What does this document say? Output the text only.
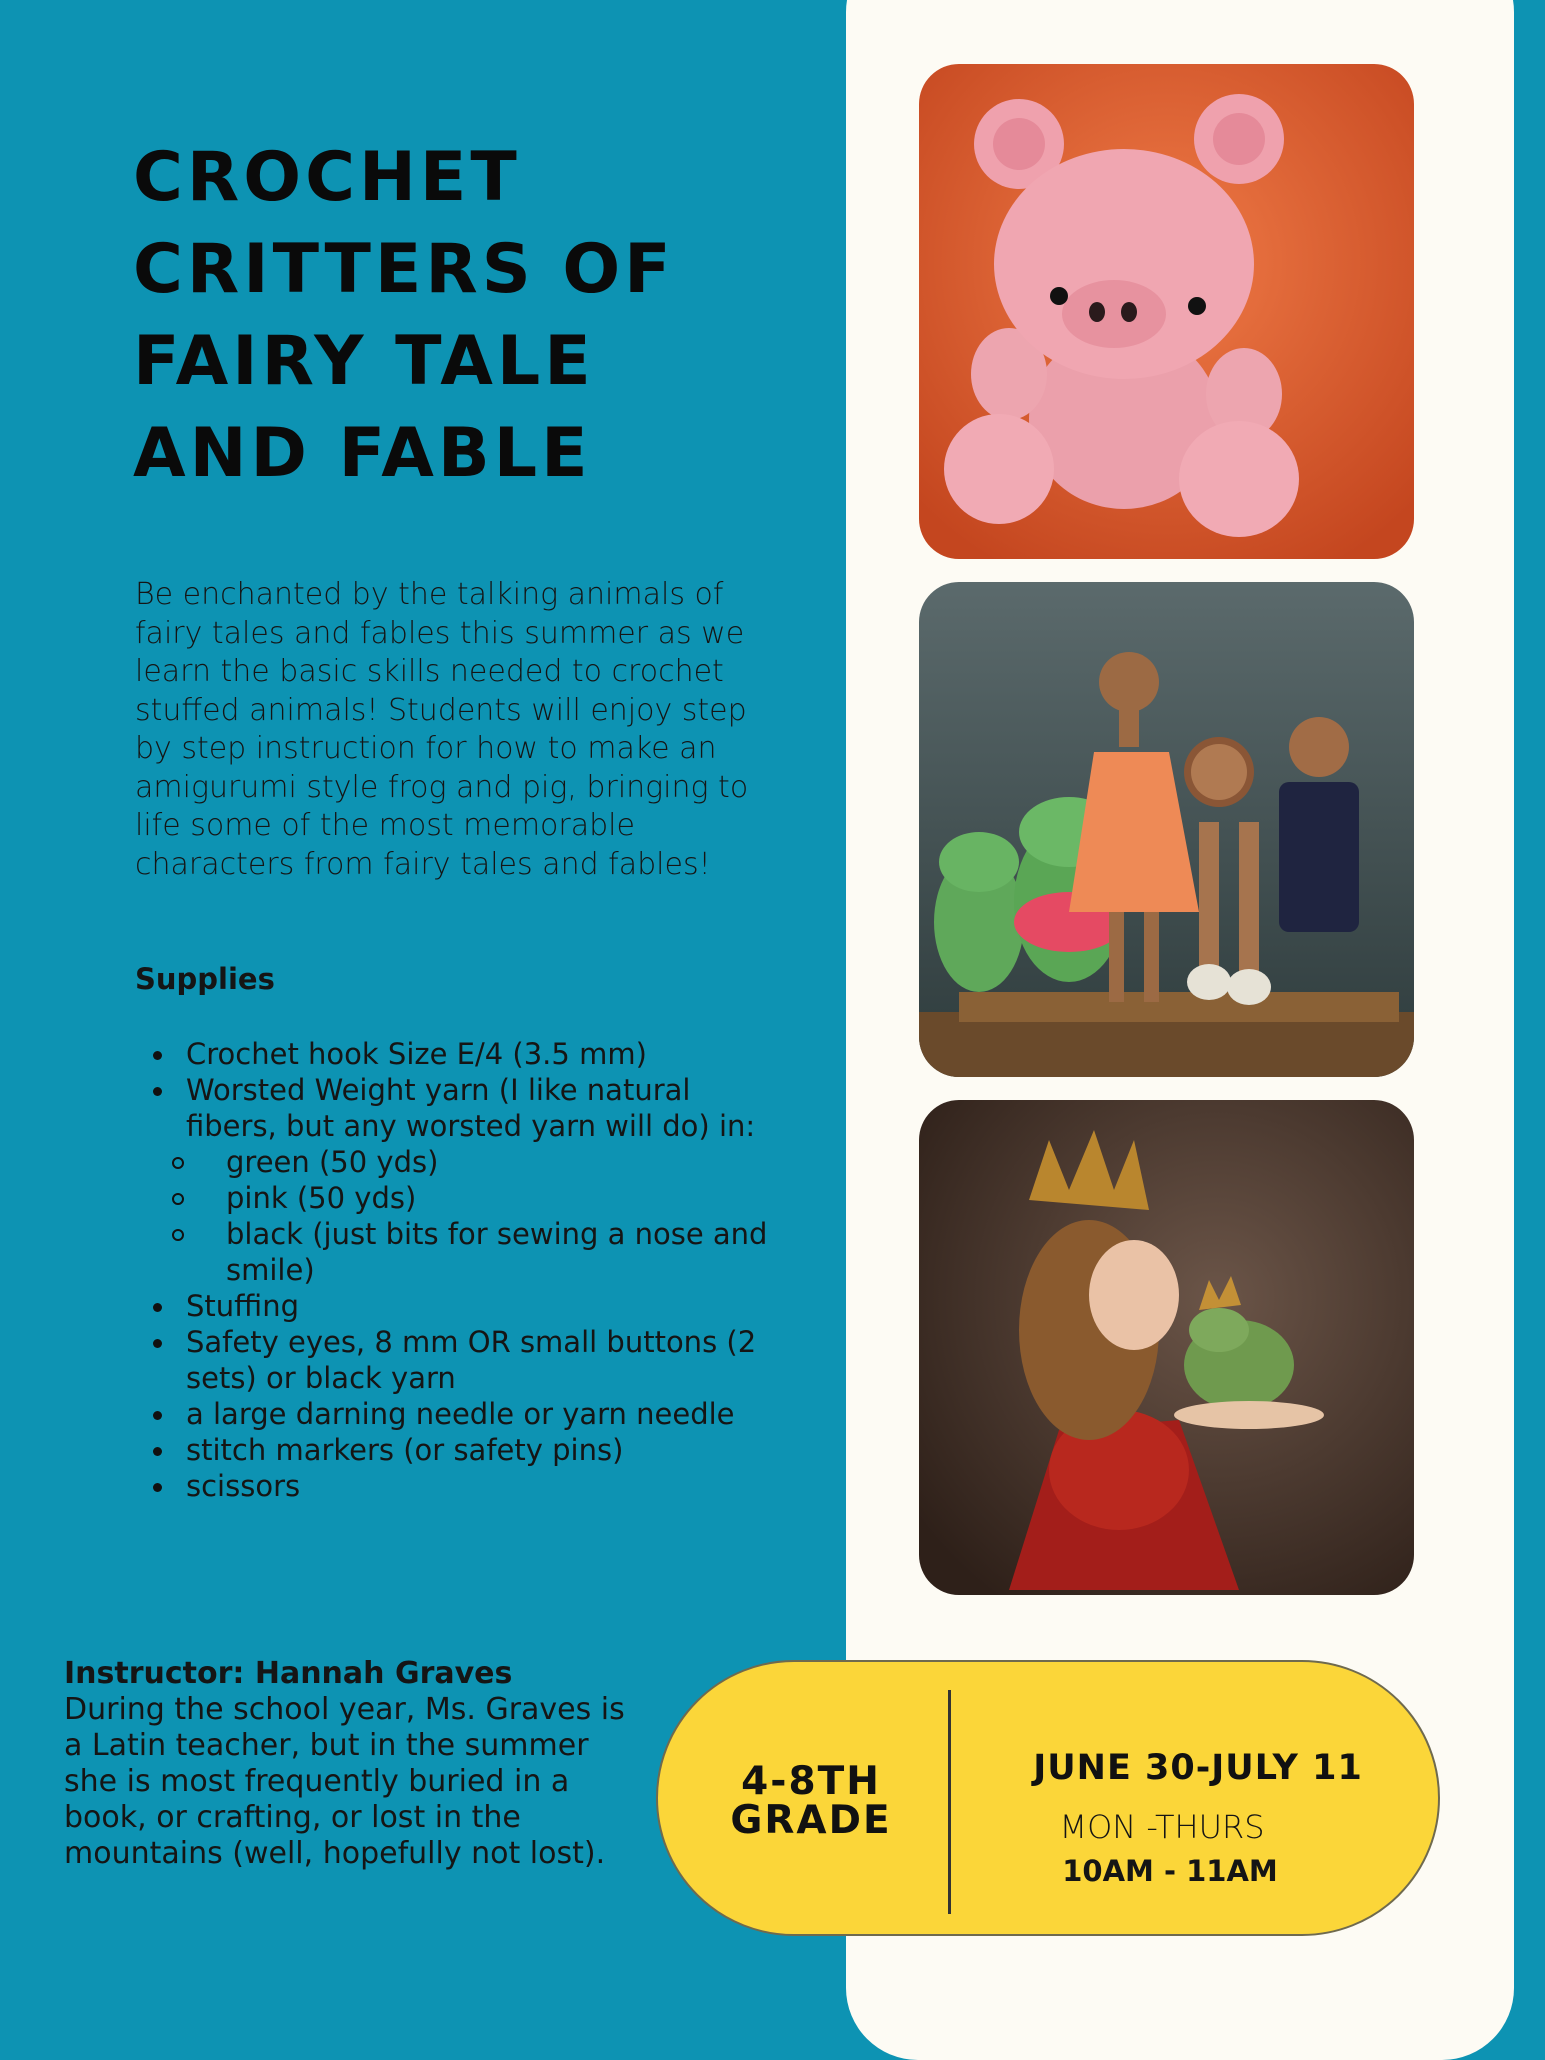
CROCHET
CRITTERS OF
FAIRY TALE
AND FABLE

Be enchanted by the talking animals of fairy tales and fables this summer as we learn the basic skills needed to crochet stuffed animals! Students will enjoy step by step instruction for how to make an amigurumi style frog and pig, bringing to life some of the most memorable characters from fairy tales and fables!

Supplies
Crochet hook Size E/4 (3.5 mm)
Worsted Weight yarn (I like natural fibers, but any worsted yarn will do) in:
green (50 yds)
pink (50 yds)
black (just bits for sewing a nose and smile)
Stuffing
Safety eyes, 8 mm OR small buttons (2 sets) or black yarn
a large darning needle or yarn needle
stitch markers (or safety pins)
scissors
Instructor: Hannah Graves
During the school year, Ms. Graves is a Latin teacher, but in the summer she is most frequently buried in a book, or crafting, or lost in the mountains (well, hopefully not lost).

4-8TH GRADE

JUNE 30-JULY 11

MON -THURS

10AM - 11AM
